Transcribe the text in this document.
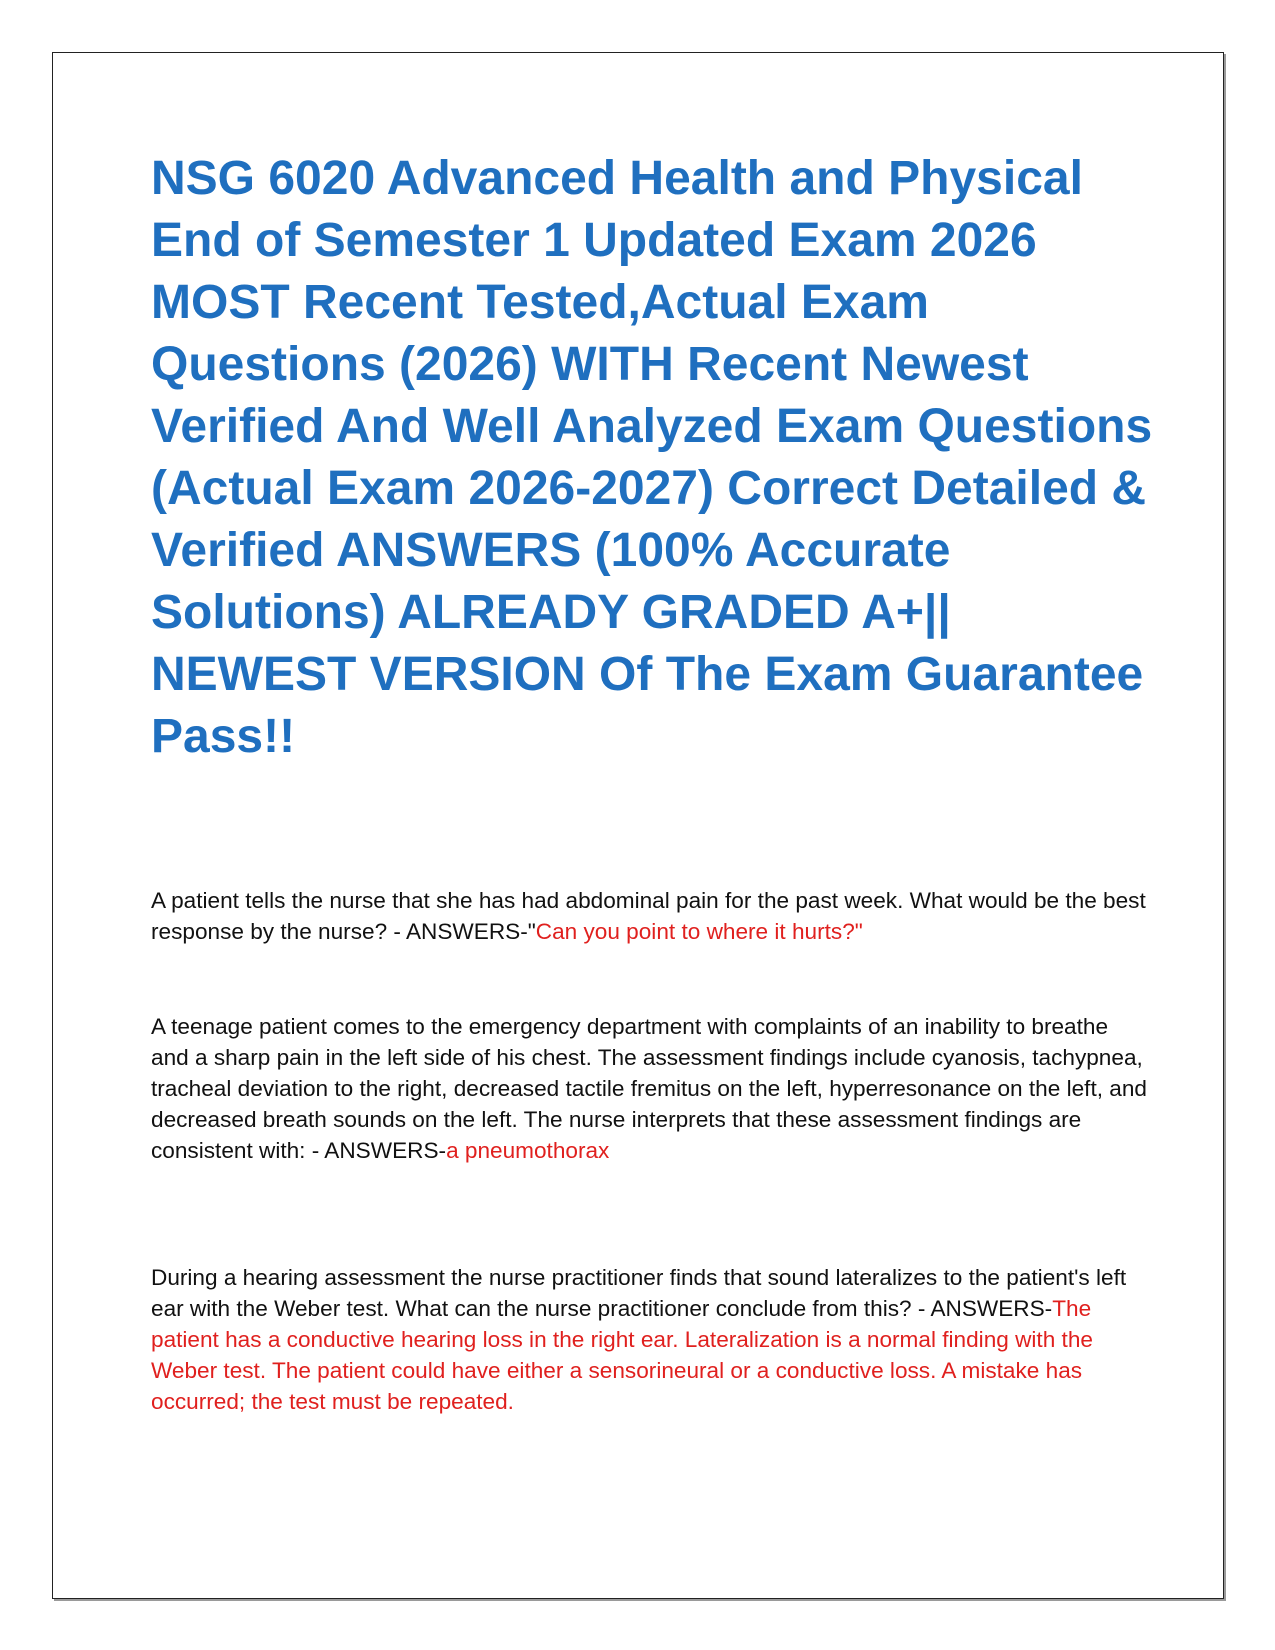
NSG 6020 Advanced Health and Physical End of Semester 1 Updated Exam 2026 MOST Recent Tested,Actual Exam Questions (2026) WITH Recent Newest Verified And Well Analyzed Exam Questions (Actual Exam 2026-2027) Correct Detailed & Verified ANSWERS (100% Accurate Solutions) ALREADY GRADED A+|| NEWEST VERSION Of The Exam Guarantee Pass!!

A patient tells the nurse that she has had abdominal pain for the past week. What would be the best response by the nurse? - ANSWERS-"Can you point to where it hurts?"

A teenage patient comes to the emergency department with complaints of an inability to breathe and a sharp pain in the left side of his chest. The assessment findings include cyanosis, tachypnea, tracheal deviation to the right, decreased tactile fremitus on the left, hyperresonance on the left, and decreased breath sounds on the left. The nurse interprets that these assessment findings are consistent with: - ANSWERS-a pneumothorax

During a hearing assessment the nurse practitioner finds that sound lateralizes to the patient's left ear with the Weber test. What can the nurse practitioner conclude from this? - ANSWERS-The patient has a conductive hearing loss in the right ear. Lateralization is a normal finding with the Weber test. The patient could have either a sensorineural or a conductive loss. A mistake has occurred; the test must be repeated.
